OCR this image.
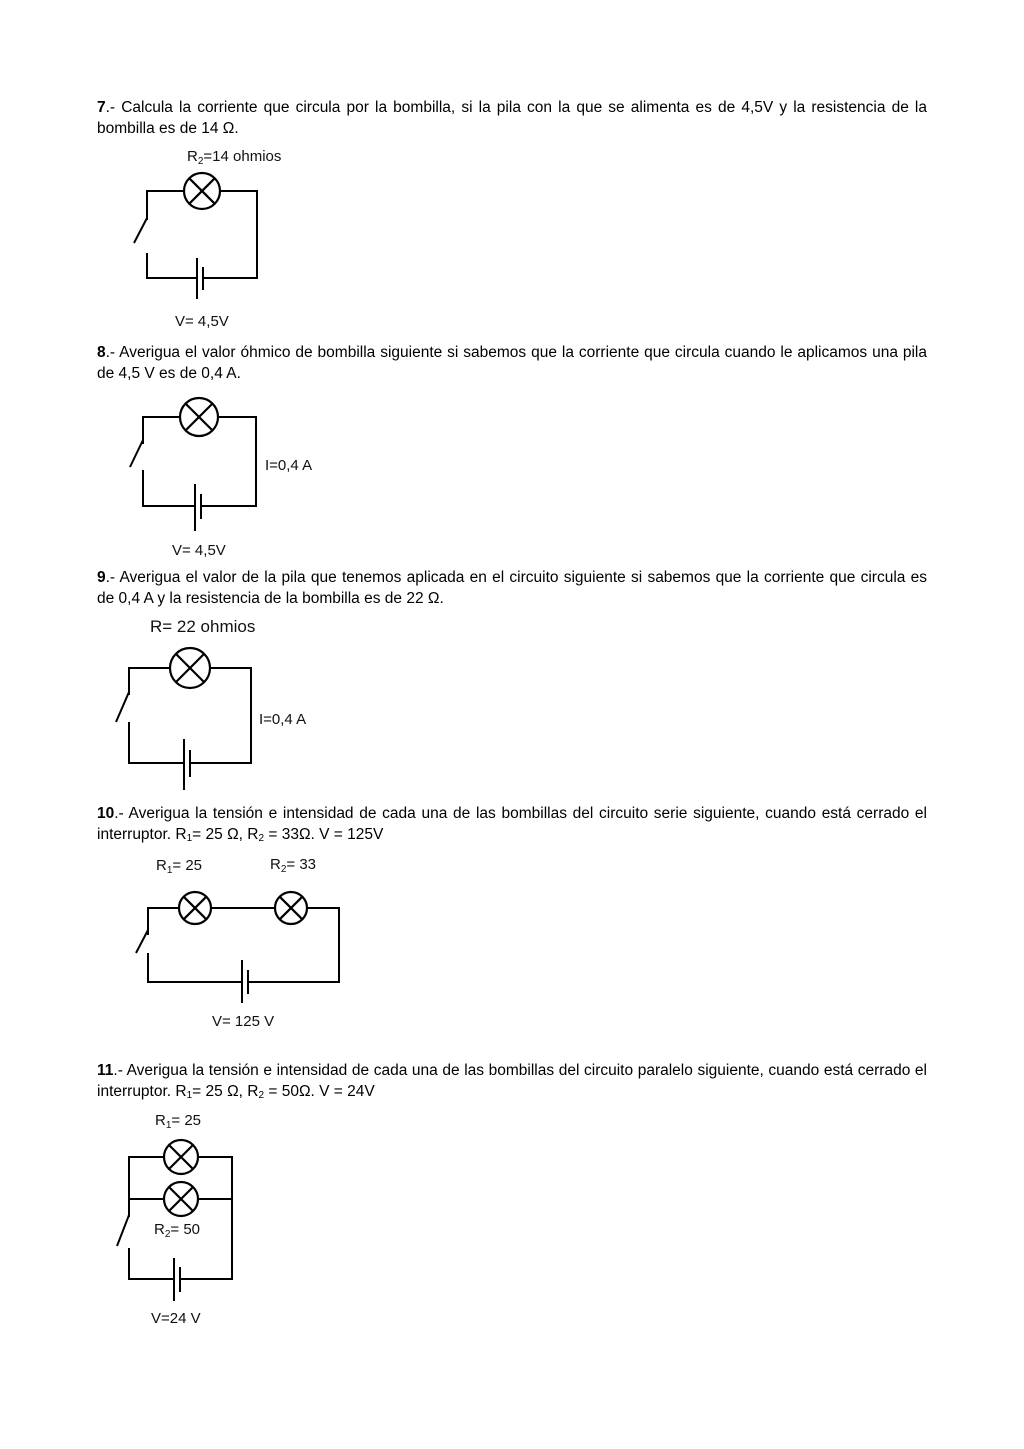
7.- Calcula la corriente que circula por la bombilla, si la pila con la que se alimenta es de 4,5V y la resistencia de la bombilla es de 14 Ω.
8.- Averigua el valor óhmico de bombilla siguiente si sabemos que la corriente que circula cuando le aplicamos una pila de 4,5 V es de 0,4 A.
9.- Averigua el valor de la pila que tenemos aplicada en el circuito siguiente si sabemos que la corriente que circula es de 0,4 A y la resistencia de la bombilla es de 22 Ω.
10.- Averigua la tensión e intensidad de cada una de las bombillas del circuito serie siguiente, cuando está cerrado el interruptor. $R_1= 25$ Ω, $R_2 = 33\Omega$. V = 125V
11.- Averigua la tensión e intensidad de cada una de las bombillas del circuito paralelo siguiente, cuando está cerrado el interruptor. $R_1= 25$ Ω, $R_2 = 50\Omega$. V = 24V
$R_2=14$ ohmios
V= 4,5V
I=0,4 A
V= 4,5V
R= 22 ohmios
I=0,4 A
$R_1= 25$	$R_2= 33$
V= 125 V
$R_1= 25$
$R_2= 50$
V=24 V
